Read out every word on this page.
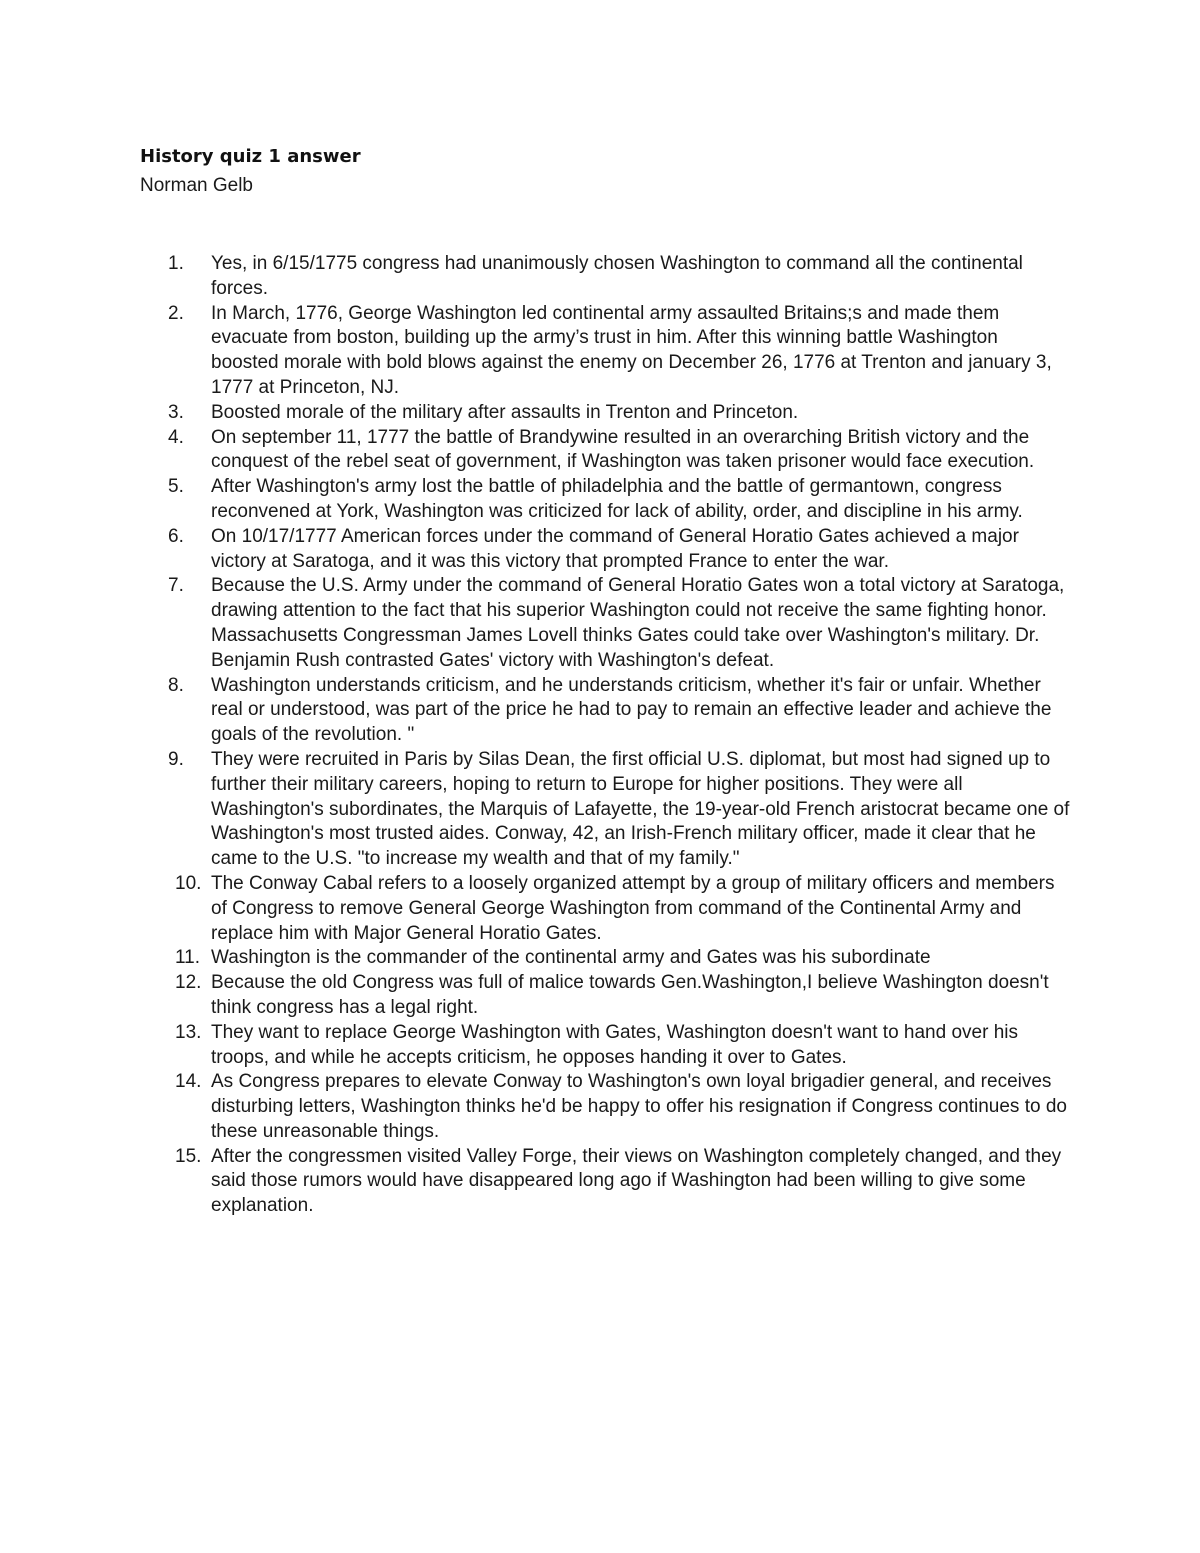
History quiz 1 answer
Norman Gelb
1.	Yes, in 6/15/1775 congress had unanimously chosen Washington to command all the continental forces.
2.	In March, 1776, George Washington led continental army assaulted Britains;s and made them evacuate from boston, building up the army’s trust in him. After this winning battle Washington boosted morale with bold blows against the enemy on December 26, 1776 at Trenton and january 3, 1777 at Princeton, NJ.
3.	Boosted morale of the military after assaults in Trenton and Princeton.
4.	On september 11, 1777 the battle of Brandywine resulted in an overarching British victory and the conquest of the rebel seat of government, if Washington was taken prisoner would face execution.
5.	After Washington's army lost the battle of philadelphia and the battle of germantown, congress reconvened at York, Washington was criticized for lack of ability, order, and discipline in his army.
6.	On 10/17/1777 American forces under the command of General Horatio Gates achieved a major victory at Saratoga, and it was this victory that prompted France to enter the war.
7.	Because the U.S. Army under the command of General Horatio Gates won a total victory at Saratoga, drawing attention to the fact that his superior Washington could not receive the same fighting honor. Massachusetts Congressman James Lovell thinks Gates could take over Washington's military. Dr. Benjamin Rush contrasted Gates' victory with Washington's defeat.
8.	Washington understands criticism, and he understands criticism, whether it's fair or unfair. Whether real or understood, was part of the price he had to pay to remain an effective leader and achieve the goals of the revolution. "
9.	They were recruited in Paris by Silas Dean, the first official U.S. diplomat, but most had signed up to further their military careers, hoping to return to Europe for higher positions. They were all Washington's subordinates, the Marquis of Lafayette, the 19-year-old French aristocrat became one of Washington's most trusted aides. Conway, 42, an Irish-French military officer, made it clear that he came to the U.S. "to increase my wealth and that of my family."
10. The Conway Cabal refers to a loosely organized attempt by a group of military officers and members of Congress to remove General George Washington from command of the Continental Army and replace him with Major General Horatio Gates.
11. Washington is the commander of the continental army and Gates was his subordinate
12. Because the old Congress was full of malice towards Gen.Washington,I believe Washington doesn't think congress has a legal right.
13. They want to replace George Washington with Gates, Washington doesn't want to hand over his troops, and while he accepts criticism, he opposes handing it over to Gates.
14. As Congress prepares to elevate Conway to Washington's own loyal brigadier general, and receives disturbing letters, Washington thinks he'd be happy to offer his resignation if Congress continues to do these unreasonable things.
15. After the congressmen visited Valley Forge, their views on Washington completely changed, and they said those rumors would have disappeared long ago if Washington had been willing to give some explanation.
